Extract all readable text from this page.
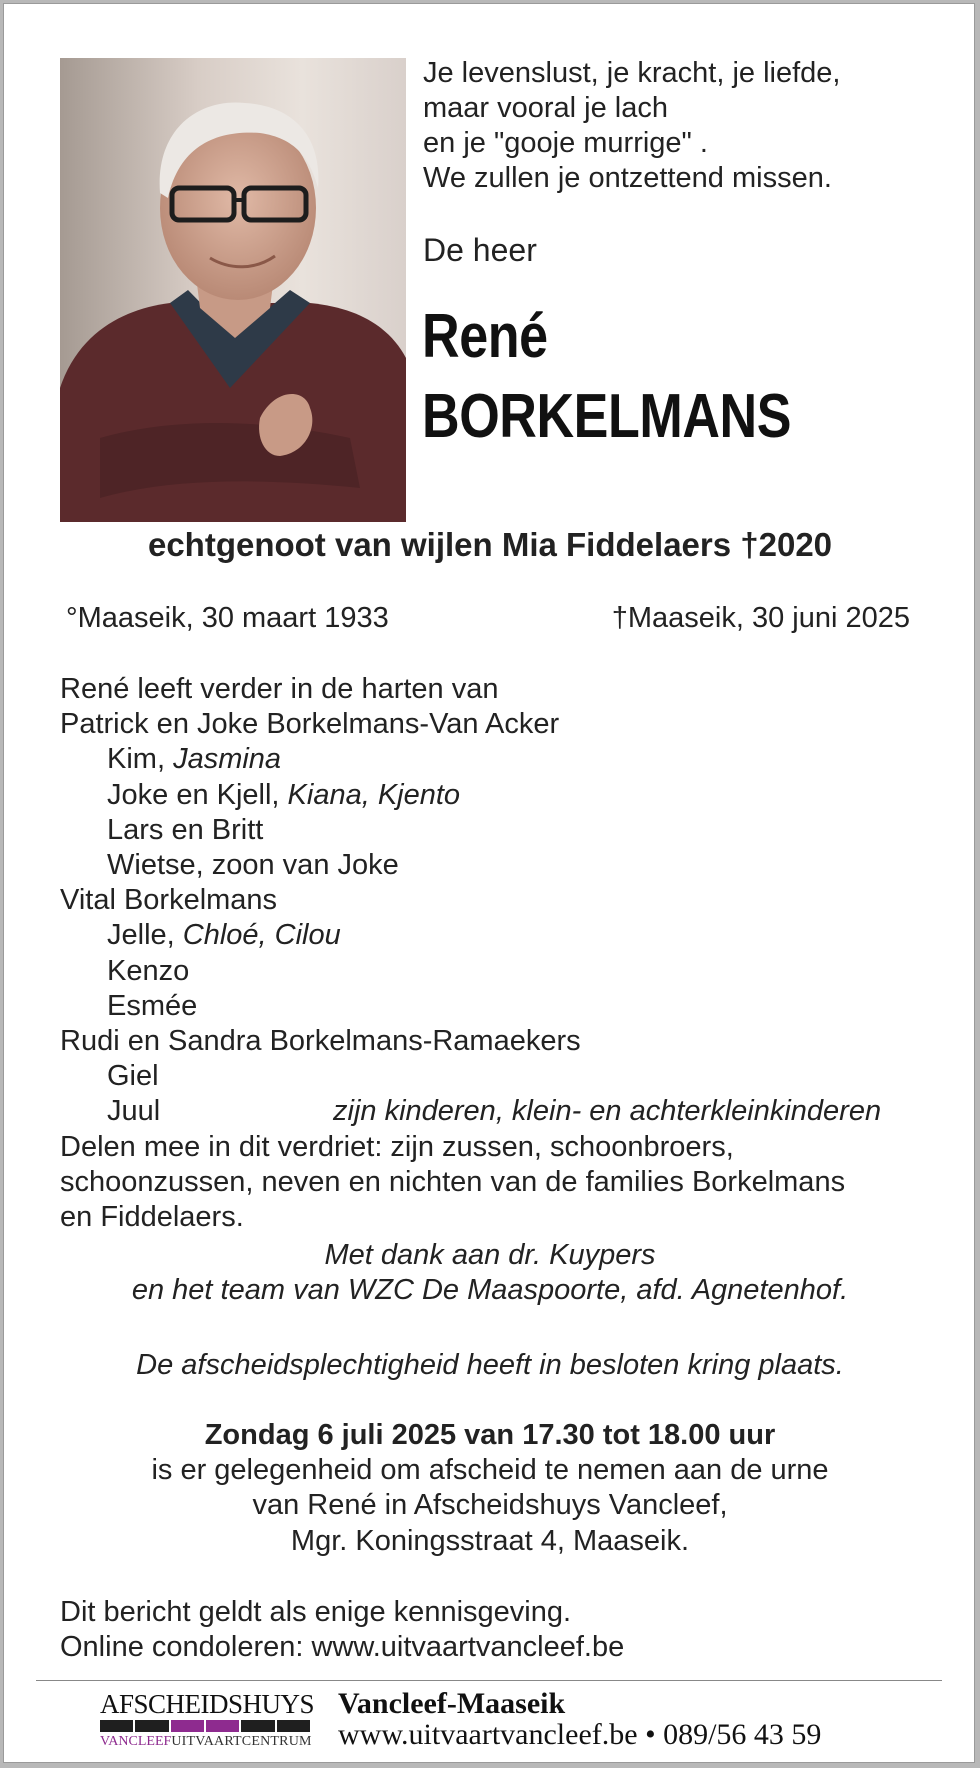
Je levenslust, je kracht, je liefde,
maar vooral je lach
en je "gooje murrige" .
We zullen je ontzettend missen.
De heer
René
BORKELMANS
echtgenoot van wijlen Mia Fiddelaers †2020
°Maaseik, 30 maart 1933	†Maaseik, 30 juni 2025
René leeft verder in de harten van
Patrick en Joke Borkelmans-Van Acker
Kim, Jasmina
Joke en Kjell, Kiana, Kjento
Lars en Britt
Wietse, zoon van Joke
Vital Borkelmans
Jelle, Chloé, Cilou
Kenzo
Esmée
Rudi en Sandra Borkelmans-Ramaekers
Giel
Juul	zijn kinderen, klein- en achterkleinkinderen
Delen mee in dit verdriet: zijn zussen, schoonbroers,
schoonzussen, neven en nichten van de families Borkelmans
en Fiddelaers.
Met dank aan dr. Kuypers
en het team van WZC De Maaspoorte, afd. Agnetenhof.
De afscheidsplechtigheid heeft in besloten kring plaats.
Zondag 6 juli 2025 van 17.30 tot 18.00 uur
is er gelegenheid om afscheid te nemen aan de urne
van René in Afscheidshuys Vancleef,
Mgr. Koningsstraat 4, Maaseik.
Dit bericht geldt als enige kennisgeving.
Online condoleren: www.uitvaartvancleef.be
AFSCHEIDSHUYS
VANCLEEF UITVAARTCENTRUM
Vancleef-Maaseik
www.uitvaartvancleef.be • 089/56 43 59
